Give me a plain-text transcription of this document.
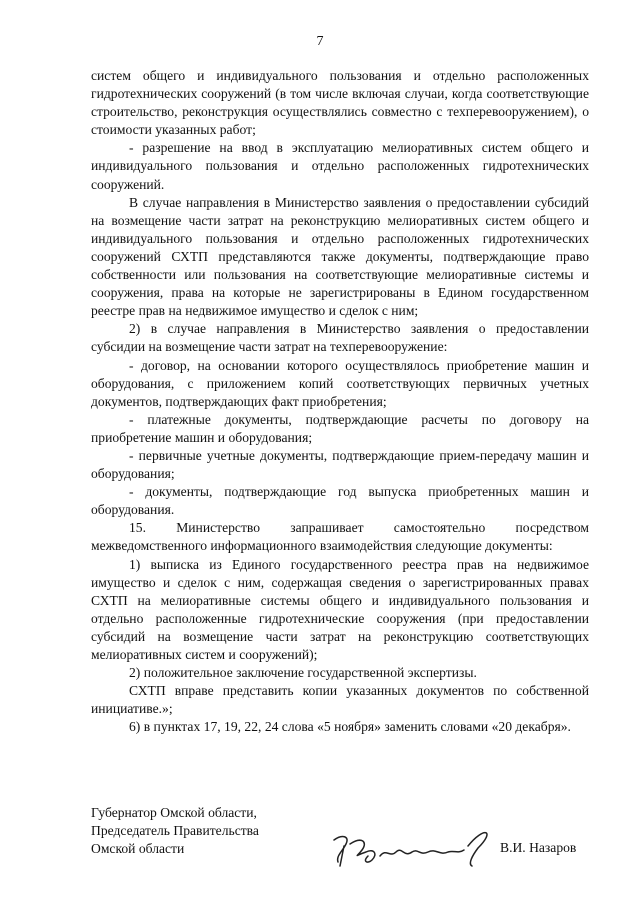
7

систем общего и индивидуального пользования и отдельно расположенных гидротехнических сооружений (в том числе включая случаи, когда соответствующие строительство, реконструкция осуществлялись совместно с техперевооружением), о стоимости указанных работ;

- разрешение на ввод в эксплуатацию мелиоративных систем общего и индивидуального пользования и отдельно расположенных гидротехнических сооружений.

В случае направления в Министерство заявления о предоставлении субсидий на возмещение части затрат на реконструкцию мелиоративных систем общего и индивидуального пользования и отдельно расположенных гидротехнических сооружений СХТП представляются также документы, подтверждающие право собственности или пользования на соответствующие мелиоративные системы и сооружения, права на которые не зарегистрированы в Едином государственном реестре прав на недвижимое имущество и сделок с ним;

2) в случае направления в Министерство заявления о предоставлении субсидии на возмещение части затрат на техперевооружение:

- договор, на основании которого осуществлялось приобретение машин и оборудования, с приложением копий соответствующих первичных учетных документов, подтверждающих факт приобретения;

- платежные документы, подтверждающие расчеты по договору на приобретение машин и оборудования;

- первичные учетные документы, подтверждающие прием-передачу машин и оборудования;

- документы, подтверждающие год выпуска приобретенных машин и оборудования.

15. Министерство запрашивает самостоятельно посредством межведомственного информационного взаимодействия следующие документы:

1) выписка из Единого государственного реестра прав на недвижимое имущество и сделок с ним, содержащая сведения о зарегистрированных правах СХТП на мелиоративные системы общего и индивидуального пользования и отдельно расположенные гидротехнические сооружения (при предоставлении субсидий на возмещение части затрат на реконструкцию соответствующих мелиоративных систем и сооружений);

2) положительное заключение государственной экспертизы.

СХТП вправе представить копии указанных документов по собственной инициативе.»;

6) в пунктах 17, 19, 22, 24 слова «5 ноября» заменить словами «20 декабря».

Губернатор Омской области,
Председатель Правительства
Омской области	В.И. Назаров
